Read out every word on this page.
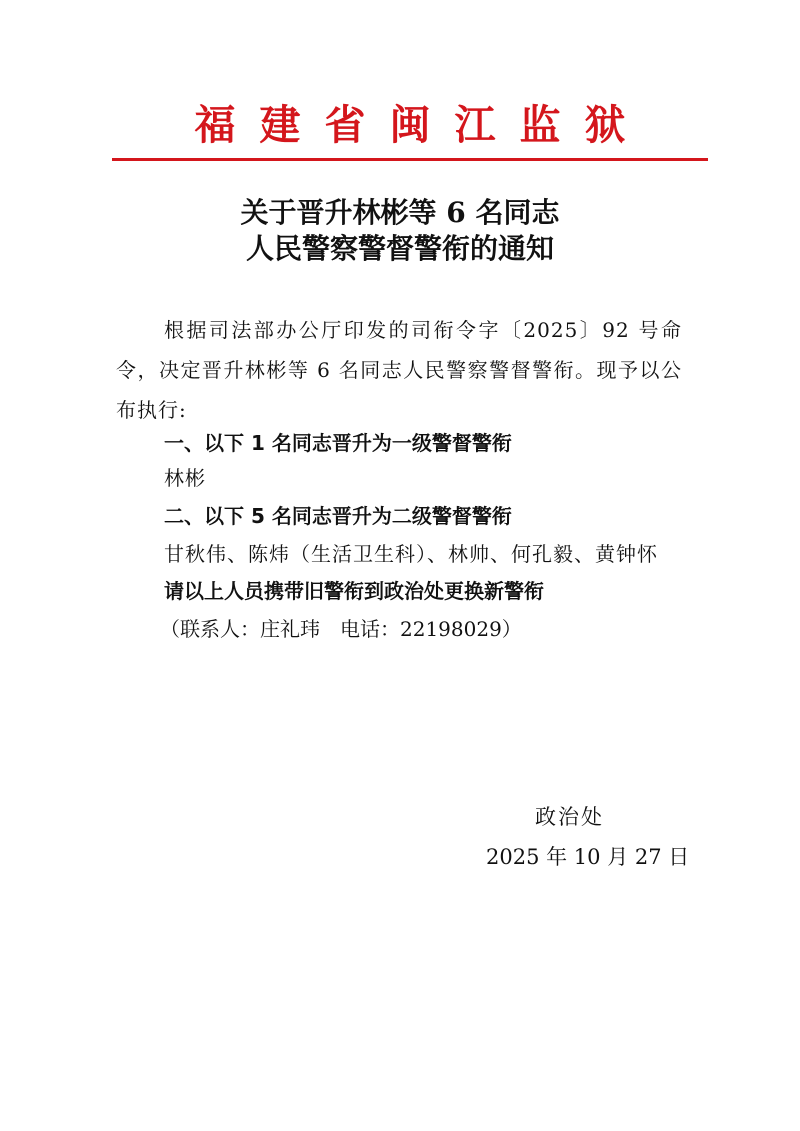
福建省闽江监狱
关于晋升林彬等 6 名同志
人民警察警督警衔的通知
根据司法部办公厅印发的司衔令字〔2025〕92 号命令，决定晋升林彬等 6 名同志人民警察警督警衔。现予以公布执行:
一、以下 1 名同志晋升为一级警督警衔
林彬
二、以下 5 名同志晋升为二级警督警衔
甘秋伟、陈炜（生活卫生科）、林帅、何孔毅、黄钟怀
请以上人员携带旧警衔到政治处更换新警衔
（联系人：庄礼玮　电话：22198029）
政治处
2025 年 10 月 27 日
